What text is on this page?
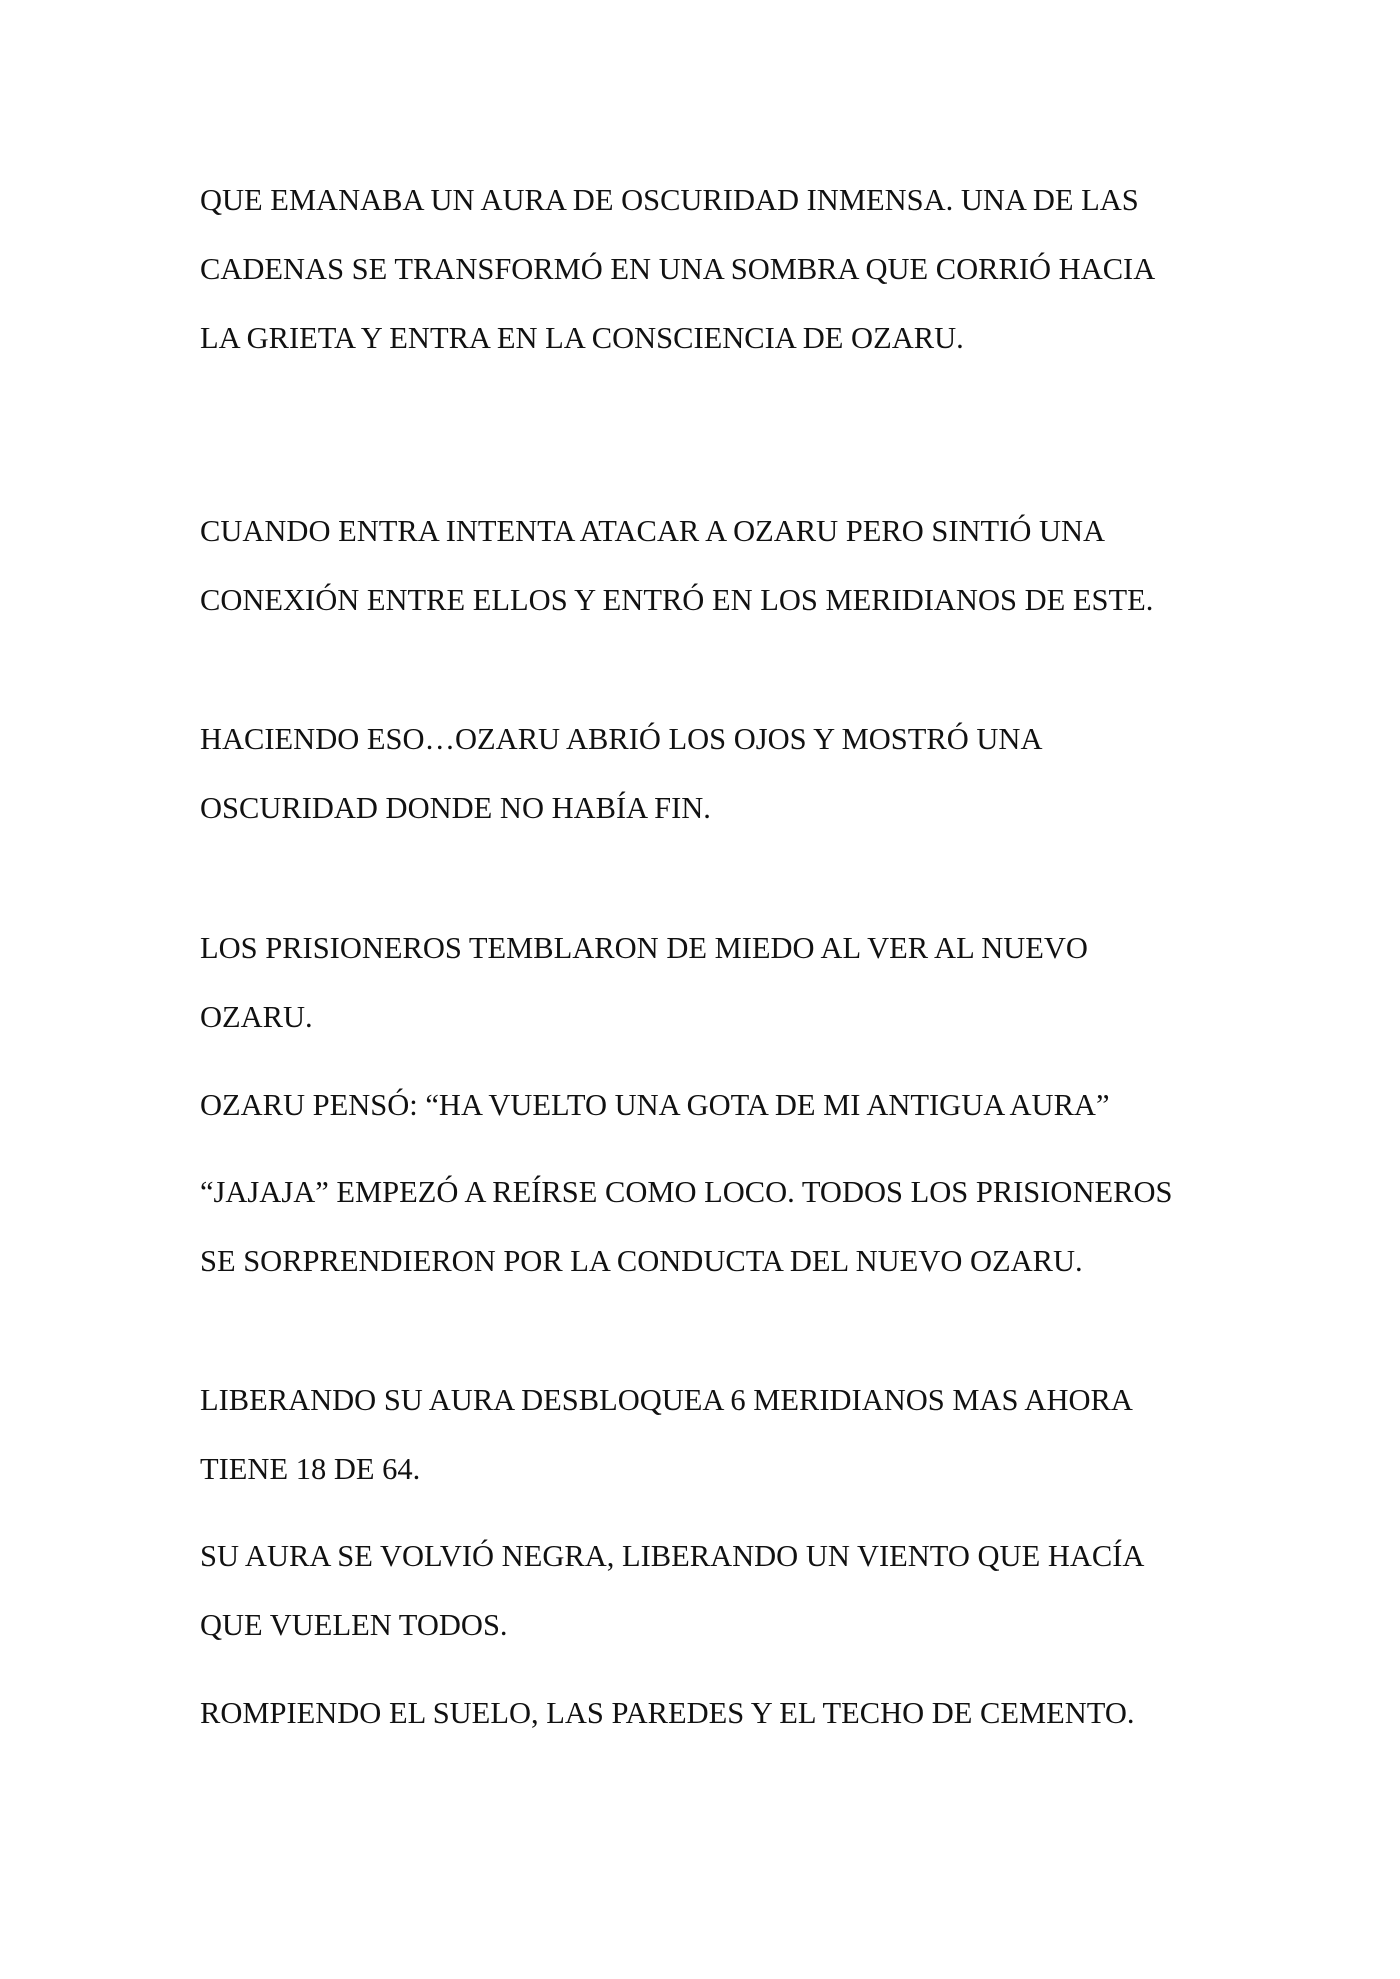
QUE EMANABA UN AURA DE OSCURIDAD INMENSA. UNA DE LAS

CADENAS SE TRANSFORMÓ EN UNA SOMBRA QUE CORRIÓ HACIA

LA GRIETA Y ENTRA EN LA CONSCIENCIA DE OZARU.

CUANDO ENTRA INTENTA ATACAR A OZARU PERO SINTIÓ UNA

CONEXIÓN ENTRE ELLOS Y ENTRÓ EN LOS MERIDIANOS DE ESTE.

HACIENDO ESO…OZARU ABRIÓ LOS OJOS Y MOSTRÓ UNA

OSCURIDAD DONDE NO HABÍA FIN.

LOS PRISIONEROS TEMBLARON DE MIEDO AL VER AL NUEVO

OZARU.

OZARU PENSÓ: “HA VUELTO UNA GOTA DE MI ANTIGUA AURA”

“JAJAJA” EMPEZÓ A REÍRSE COMO LOCO. TODOS LOS PRISIONEROS

SE SORPRENDIERON POR LA CONDUCTA DEL NUEVO OZARU.

LIBERANDO SU AURA DESBLOQUEA 6 MERIDIANOS MAS AHORA

TIENE 18 DE 64.

SU AURA SE VOLVIÓ NEGRA, LIBERANDO UN VIENTO QUE HACÍA

QUE VUELEN TODOS.

ROMPIENDO EL SUELO, LAS PAREDES Y EL TECHO DE CEMENTO.
